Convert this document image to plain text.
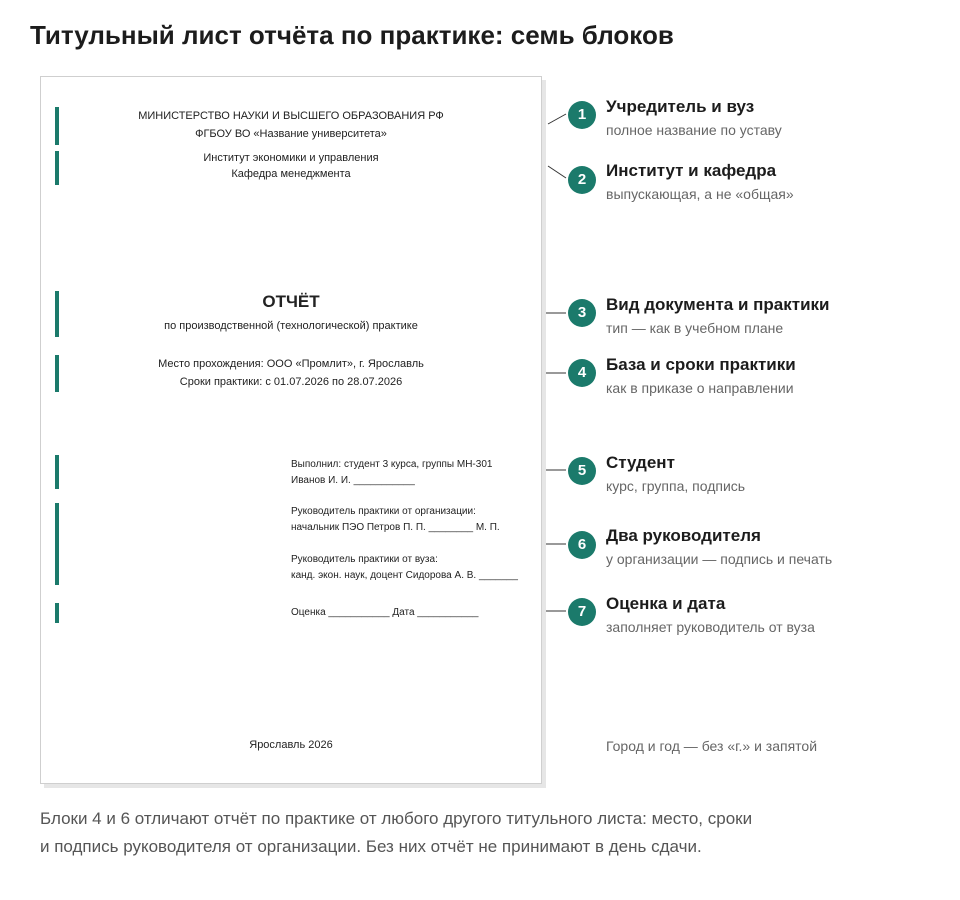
Титульный лист отчёта по практике: семь блоков
МИНИСТЕРСТВО НАУКИ И ВЫСШЕГО ОБРАЗОВАНИЯ РФ
ФГБОУ ВО «Название университета»
Институт экономики и управления
Кафедра менеджмента
ОТЧЁТ
по производственной (технологической) практике
Место прохождения: ООО «Промлит», г. Ярославль
Сроки практики: с 01.07.2026 по 28.07.2026
Выполнил: студент 3 курса, группы МН-301
Иванов И. И. ___________
Руководитель практики от организации:
начальник ПЭО Петров П. П. ________ М. П.
Руководитель практики от вуза:
канд. экон. наук, доцент Сидорова А. В. _______
Оценка ___________ Дата ___________
Ярославль 2026
1	Учредитель и вуз
полное название по уставу
2	Институт и кафедра
выпускающая, а не «общая»
3	Вид документа и практики
тип — как в учебном плане
4	База и сроки практики
как в приказе о направлении
5	Студент
курс, группа, подпись
6	Два руководителя
у организации — подпись и печать
7	Оценка и дата
заполняет руководитель от вуза
Город и год — без «г.» и запятой
Блоки 4 и 6 отличают отчёт по практике от любого другого титульного листа: место, сроки
и подпись руководителя от организации. Без них отчёт не принимают в день сдачи.
